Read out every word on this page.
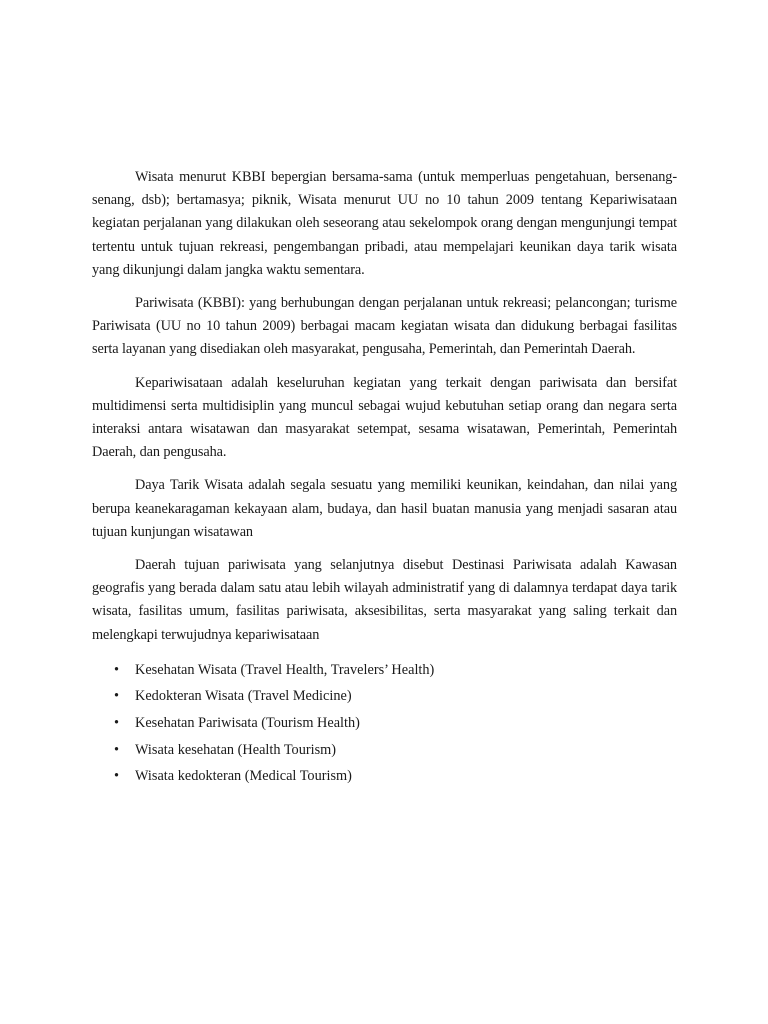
Wisata menurut KBBI bepergian bersama-sama (untuk memperluas pengetahuan, bersenang-senang, dsb); bertamasya; piknik, Wisata menurut UU no 10 tahun 2009 tentang Kepariwisataan kegiatan perjalanan yang dilakukan oleh seseorang atau sekelompok orang dengan mengunjungi tempat tertentu untuk tujuan rekreasi, pengembangan pribadi, atau mempelajari keunikan daya tarik wisata yang dikunjungi dalam jangka waktu sementara.

Pariwisata (KBBI): yang berhubungan dengan perjalanan untuk rekreasi; pelancongan; turisme Pariwisata (UU no 10 tahun 2009) berbagai macam kegiatan wisata dan didukung berbagai fasilitas serta layanan yang disediakan oleh masyarakat, pengusaha, Pemerintah, dan Pemerintah Daerah.

Kepariwisataan adalah keseluruhan kegiatan yang terkait dengan pariwisata dan bersifat multidimensi serta multidisiplin yang muncul sebagai wujud kebutuhan setiap orang dan negara serta interaksi antara wisatawan dan masyarakat setempat, sesama wisatawan, Pemerintah, Pemerintah Daerah, dan pengusaha.

Daya Tarik Wisata adalah segala sesuatu yang memiliki keunikan, keindahan, dan nilai yang berupa keanekaragaman kekayaan alam, budaya, dan hasil buatan manusia yang menjadi sasaran atau tujuan kunjungan wisatawan

Daerah tujuan pariwisata yang selanjutnya disebut Destinasi Pariwisata adalah Kawasan geografis yang berada dalam satu atau lebih wilayah administratif yang di dalamnya terdapat daya tarik wisata, fasilitas umum, fasilitas pariwisata, aksesibilitas, serta masyarakat yang saling terkait dan melengkapi terwujudnya kepariwisataan

• Kesehatan Wisata (Travel Health, Travelers’ Health)
• Kedokteran Wisata (Travel Medicine)
• Kesehatan Pariwisata (Tourism Health)
• Wisata kesehatan (Health Tourism)
• Wisata kedokteran (Medical Tourism)
